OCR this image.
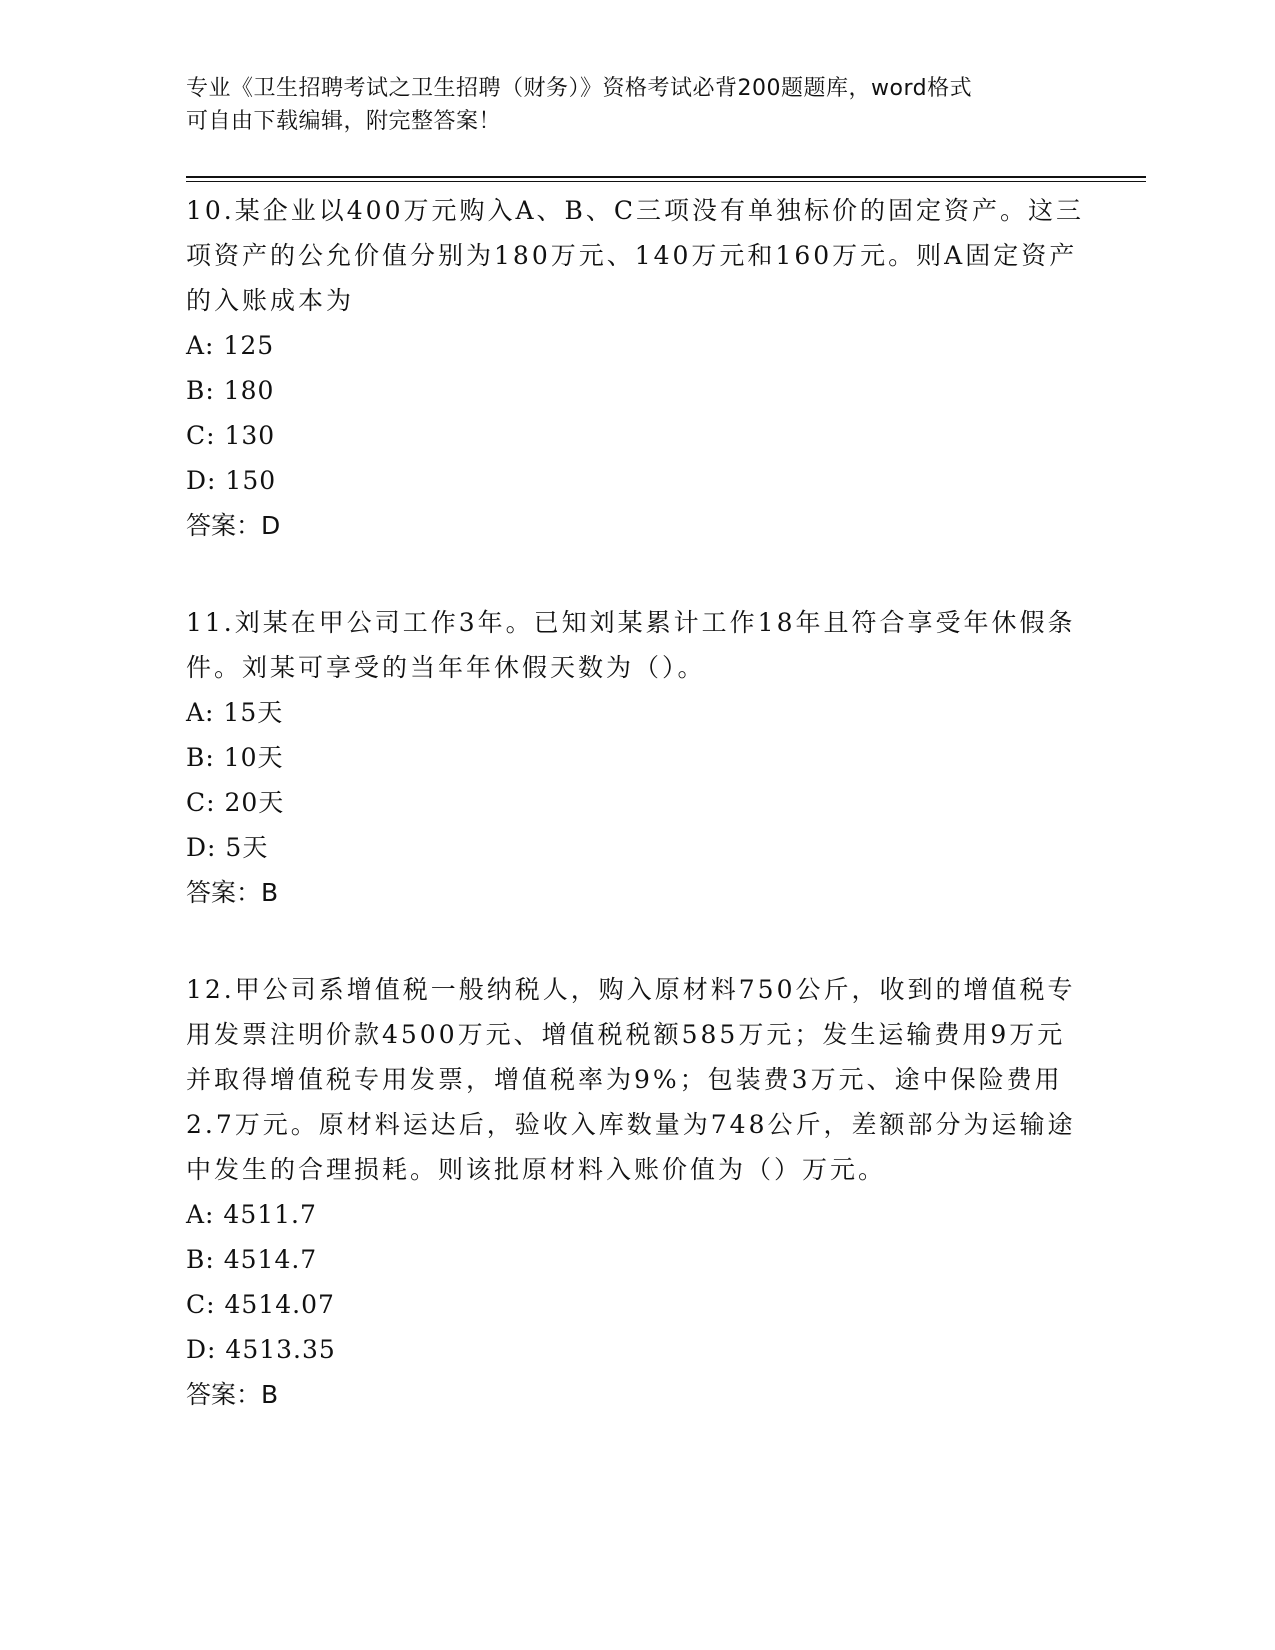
专业《卫生招聘考试之卫生招聘（财务）》资格考试必背200题题库，word格式
可自由下载编辑，附完整答案！

10.某企业以400万元购入A、B、C三项没有单独标价的固定资产。这三项资产的公允价值分别为180万元、140万元和160万元。则A固定资产的入账成本为

A: 125

B: 180

C: 130

D: 150

答案：D

11.刘某在甲公司工作3年。已知刘某累计工作18年且符合享受年休假条件。刘某可享受的当年年休假天数为（）。

A: 15天

B: 10天

C: 20天

D: 5天

答案：B

12.甲公司系增值税一般纳税人，购入原材料750公斤，收到的增值税专用发票注明价款4500万元、增值税税额585万元；发生运输费用9万元并取得增值税专用发票，增值税率为9%；包装费3万元、途中保险费用2.7万元。原材料运达后，验收入库数量为748公斤，差额部分为运输途中发生的合理损耗。则该批原材料入账价值为（）万元。

A: 4511.7

B: 4514.7

C: 4514.07

D: 4513.35

答案：B
